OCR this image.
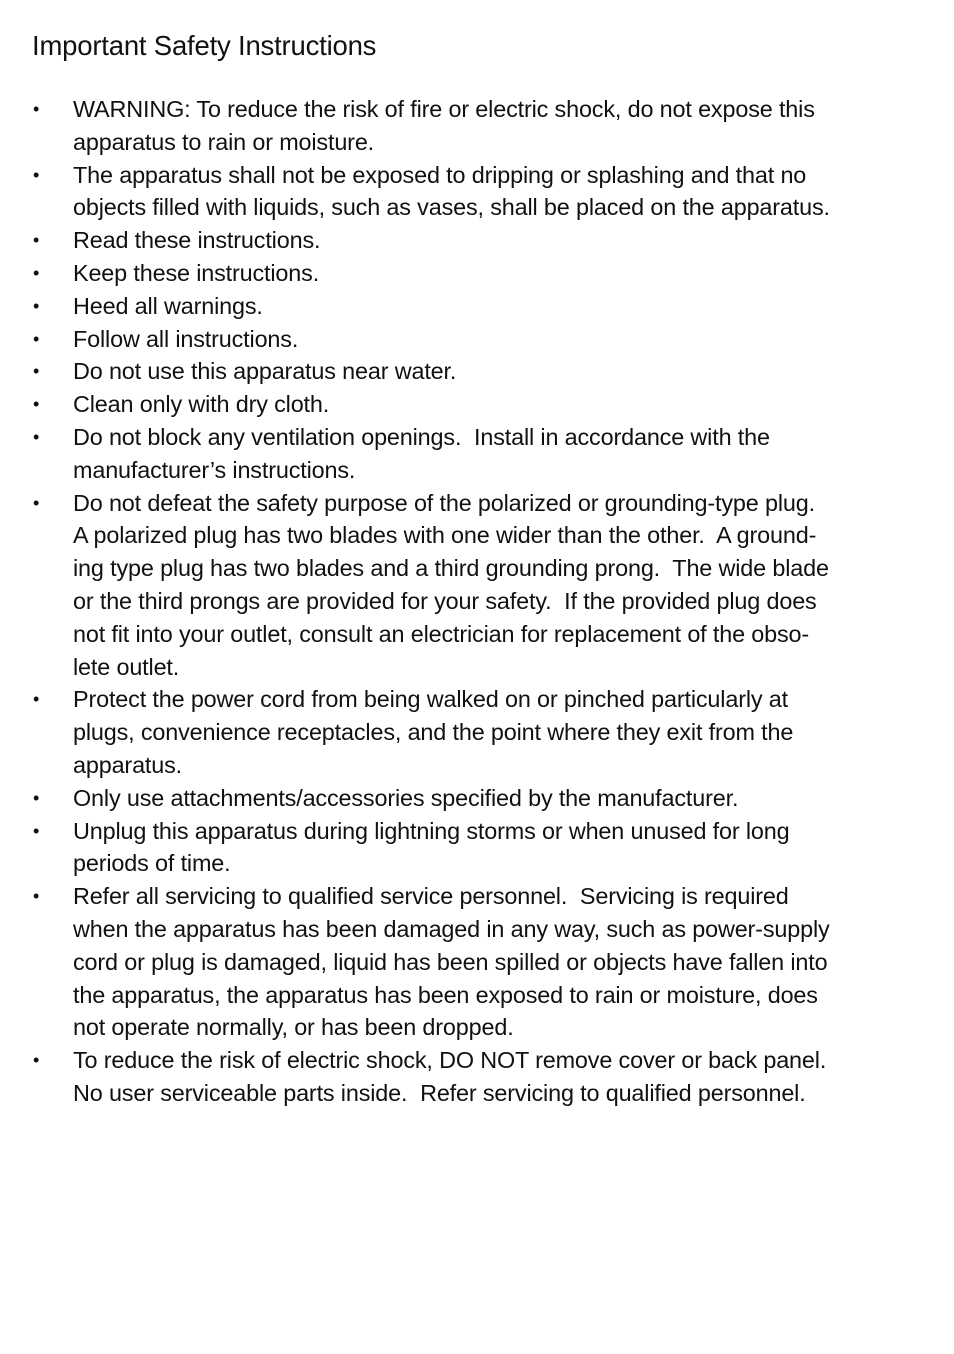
Important Safety Instructions
•	WARNING: To reduce the risk of fire or electric shock, do not expose this
apparatus to rain or moisture.
•	The apparatus shall not be exposed to dripping or splashing and that no
objects filled with liquids, such as vases, shall be placed on the apparatus.
•	Read these instructions.
•	Keep these instructions.
•	Heed all warnings.
•	Follow all instructions.
•	Do not use this apparatus near water.
•	Clean only with dry cloth.
•	Do not block any ventilation openings.  Install in accordance with the
manufacturer’s instructions.
•	Do not defeat the safety purpose of the polarized or grounding-type plug.
A polarized plug has two blades with one wider than the other.  A ground-
ing type plug has two blades and a third grounding prong.  The wide blade
or the third prongs are provided for your safety.  If the provided plug does
not fit into your outlet, consult an electrician for replacement of the obso-
lete outlet.
•	Protect the power cord from being walked on or pinched particularly at
plugs, convenience receptacles, and the point where they exit from the
apparatus.
•	Only use attachments/accessories specified by the manufacturer.
•	Unplug this apparatus during lightning storms or when unused for long
periods of time.
•	Refer all servicing to qualified service personnel.  Servicing is required
when the apparatus has been damaged in any way, such as power-supply
cord or plug is damaged, liquid has been spilled or objects have fallen into
the apparatus, the apparatus has been exposed to rain or moisture, does
not operate normally, or has been dropped.
•	To reduce the risk of electric shock, DO NOT remove cover or back panel.
No user serviceable parts inside.  Refer servicing to qualified personnel.
